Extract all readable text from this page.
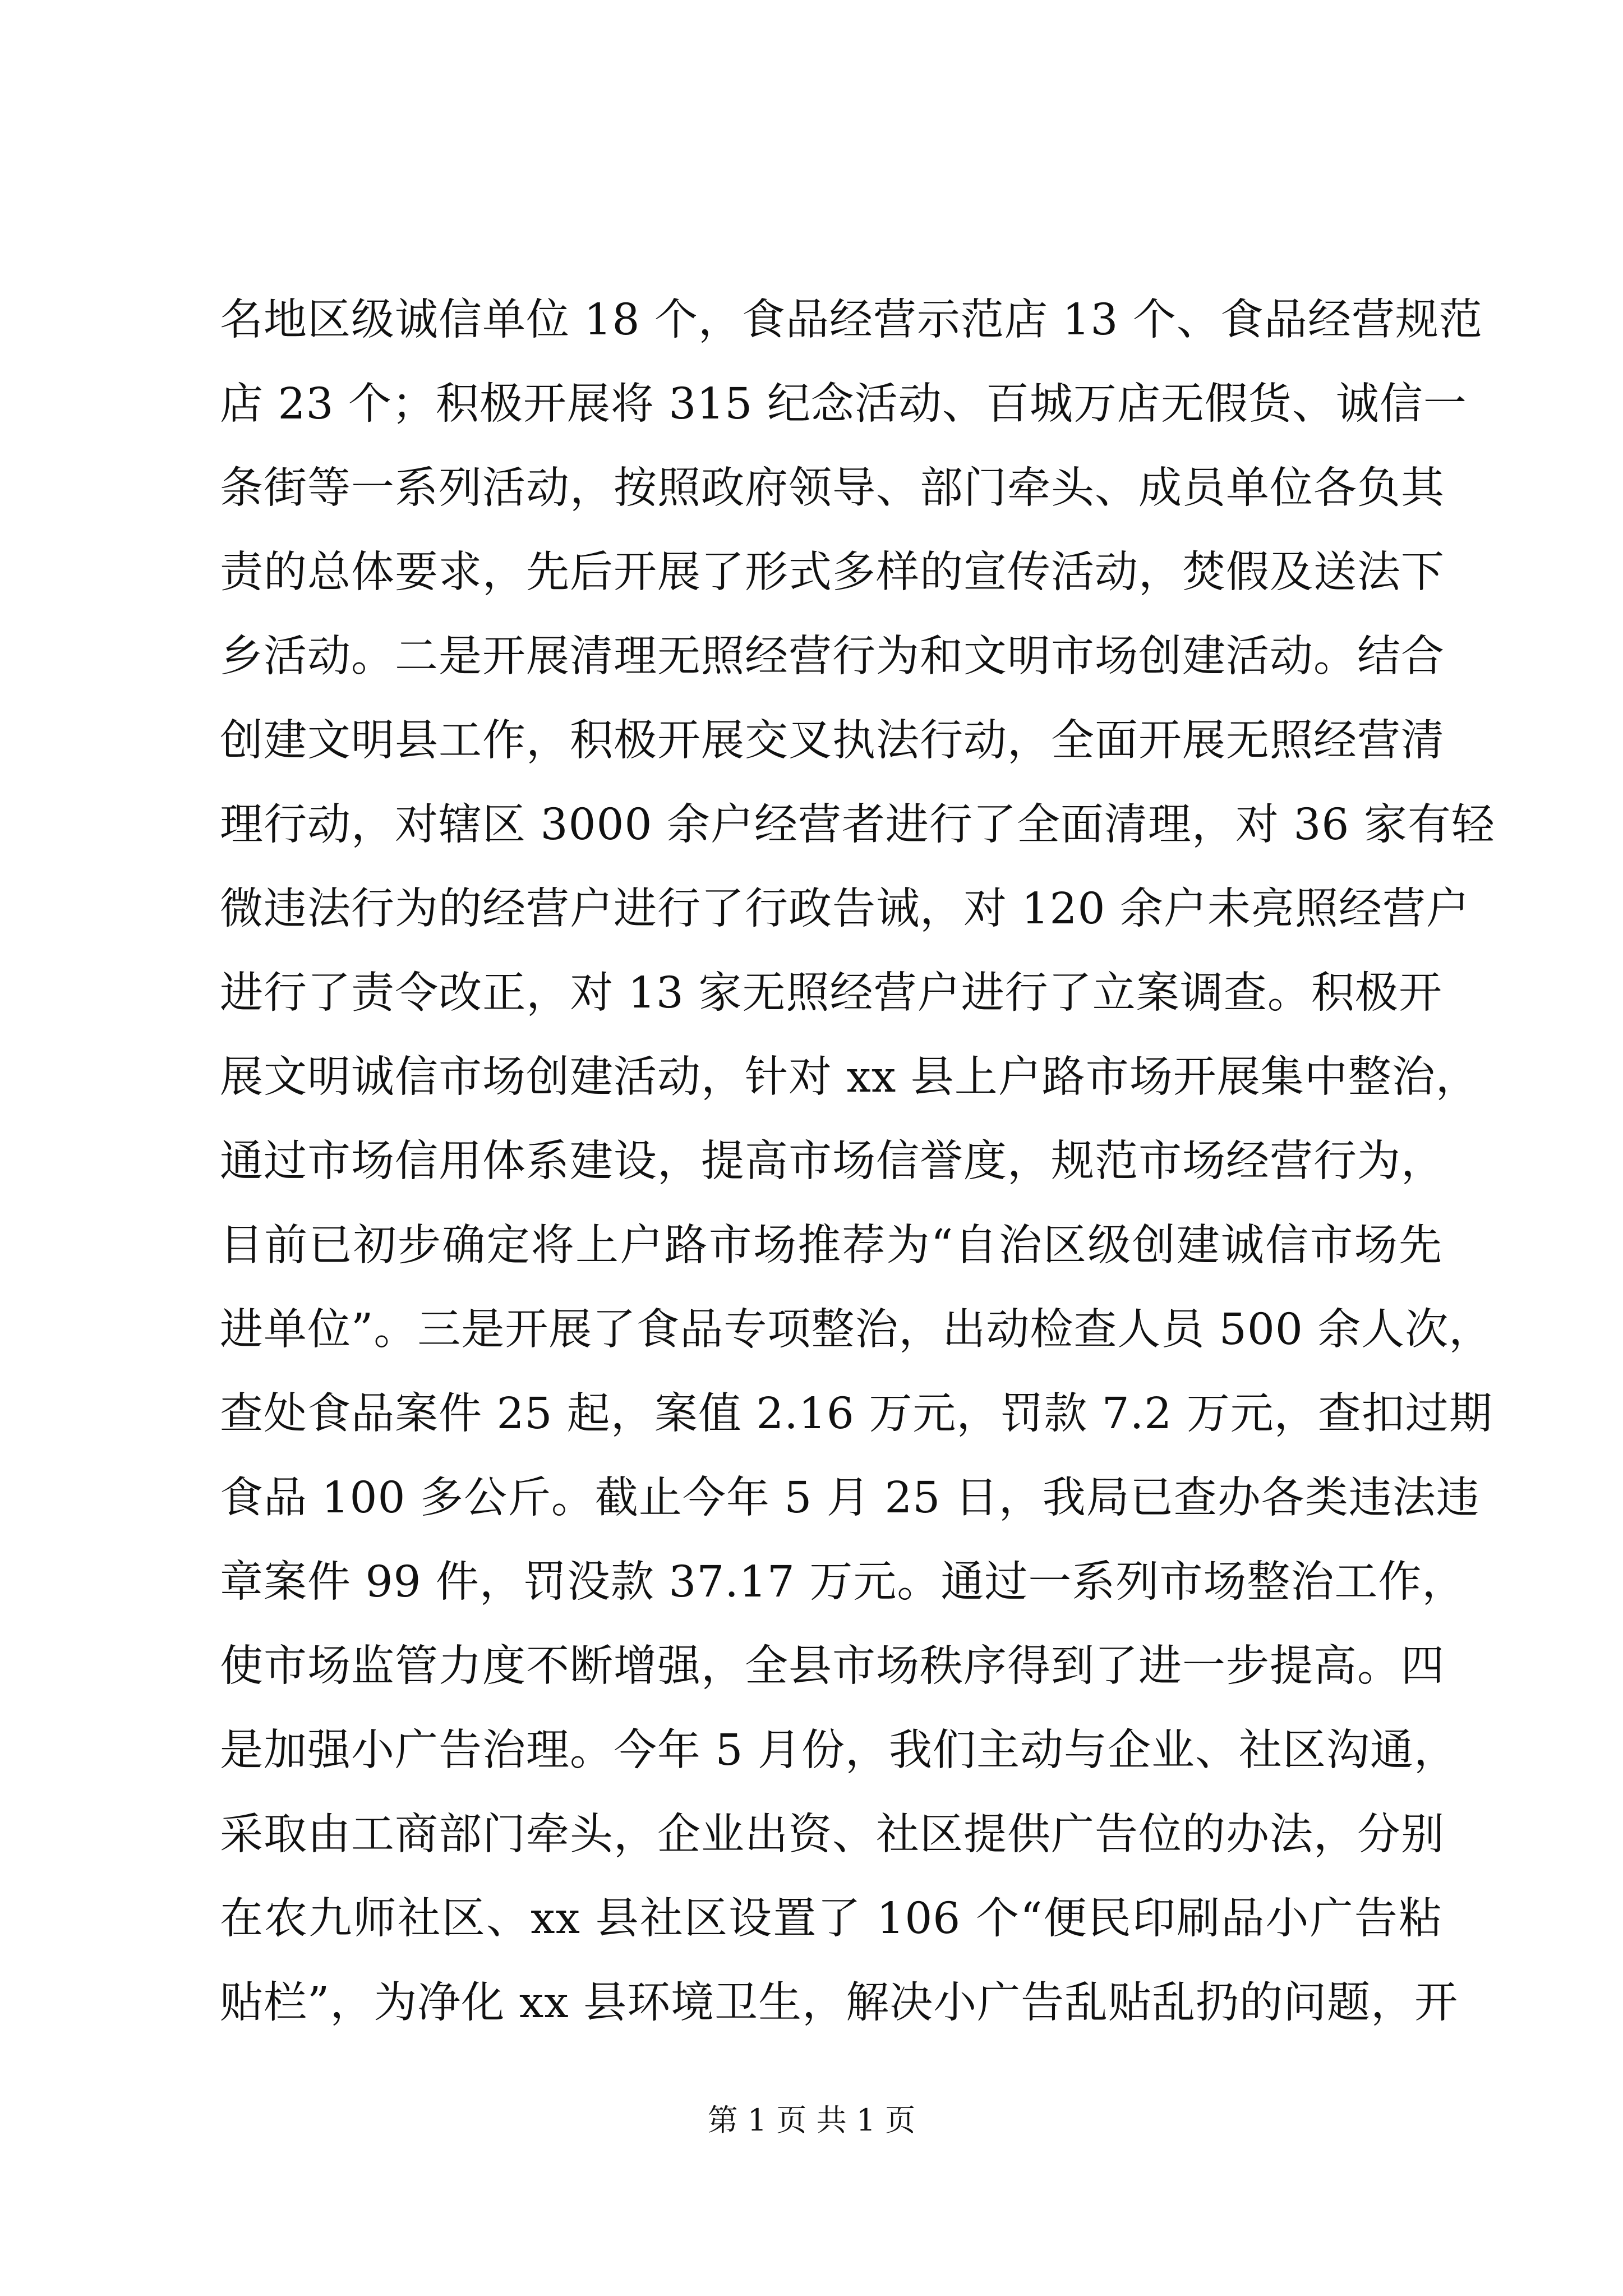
名地区级诚信单位 18 个，食品经营示范店 13 个、食品经营规范
店 23 个；积极开展将 315 纪念活动、百城万店无假货、诚信一
条街等一系列活动，按照政府领导、部门牵头、成员单位各负其
责的总体要求，先后开展了形式多样的宣传活动，焚假及送法下
乡活动。二是开展清理无照经营行为和文明市场创建活动。结合
创建文明县工作，积极开展交叉执法行动，全面开展无照经营清
理行动，对辖区 3000 余户经营者进行了全面清理，对 36 家有轻
微违法行为的经营户进行了行政告诫，对 120 余户未亮照经营户
进行了责令改正，对 13 家无照经营户进行了立案调查。积极开
展文明诚信市场创建活动，针对 xx 县上户路市场开展集中整治，
通过市场信用体系建设，提高市场信誉度，规范市场经营行为，
目前已初步确定将上户路市场推荐为“自治区级创建诚信市场先
进单位”。三是开展了食品专项整治，出动检查人员 500 余人次，
查处食品案件 25 起，案值 2.16 万元，罚款 7.2 万元，查扣过期
食品 100 多公斤。截止今年 5 月 25 日，我局已查办各类违法违
章案件 99 件，罚没款 37.17 万元。通过一系列市场整治工作，
使市场监管力度不断增强，全县市场秩序得到了进一步提高。四
是加强小广告治理。今年 5 月份，我们主动与企业、社区沟通，
采取由工商部门牵头，企业出资、社区提供广告位的办法，分别
在农九师社区、xx 县社区设置了 106 个“便民印刷品小广告粘
贴栏”，为净化 xx 县环境卫生，解决小广告乱贴乱扔的问题，开
第 1 页 共 1 页
